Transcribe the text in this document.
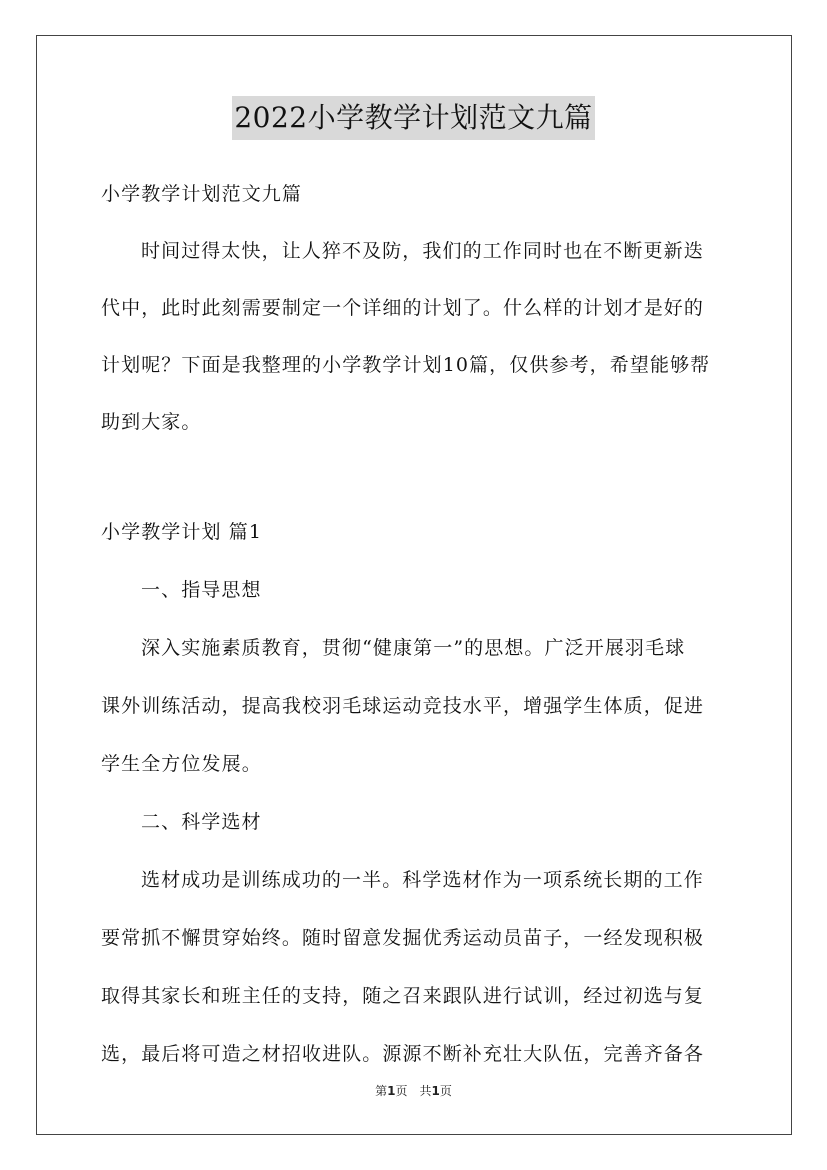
2022小学教学计划范文九篇
小学教学计划范文九篇
时间过得太快，让人猝不及防，我们的工作同时也在不断更新迭
代中，此时此刻需要制定一个详细的计划了。什么样的计划才是好的
计划呢？下面是我整理的小学教学计划10篇，仅供参考，希望能够帮
助到大家。
小学教学计划 篇1
一、指导思想
深入实施素质教育，贯彻“健康第一”的思想。广泛开展羽毛球
课外训练活动，提高我校羽毛球运动竞技水平，增强学生体质，促进
学生全方位发展。
二、科学选材
选材成功是训练成功的一半。科学选材作为一项系统长期的工作
要常抓不懈贯穿始终。随时留意发掘优秀运动员苗子，一经发现积极
取得其家长和班主任的支持，随之召来跟队进行试训，经过初选与复
选，最后将可造之材招收进队。源源不断补充壮大队伍，完善齐备各
第1页　共1页
